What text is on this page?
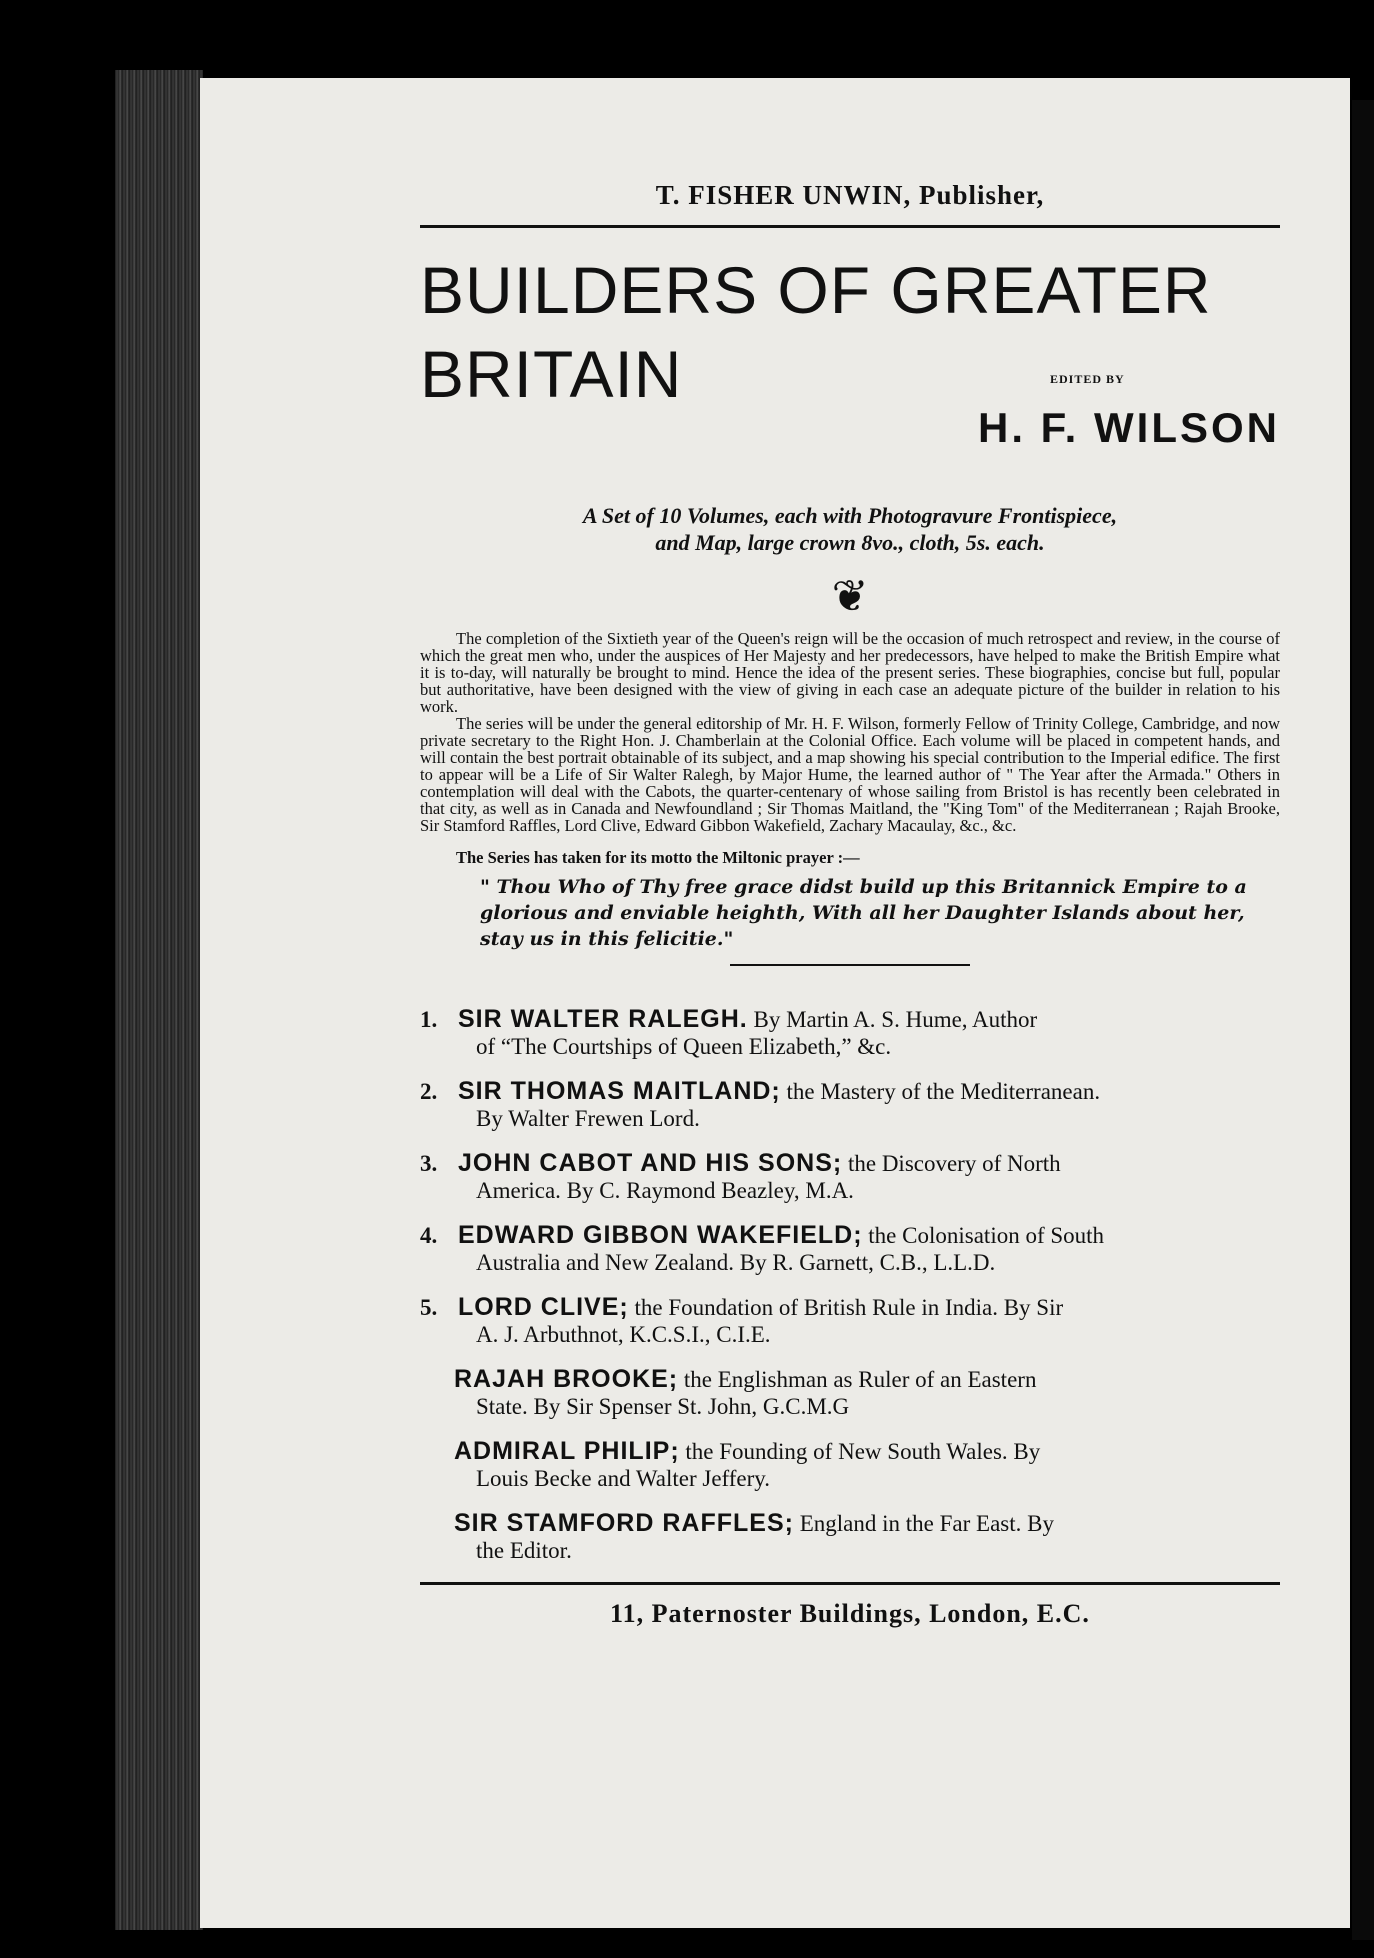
T. FISHER UNWIN, Publisher,
BUILDERS OF GREATER
BRITAIN	EDITED BY
H. F. WILSON
A Set of 10 Volumes, each with Photogravure Frontispiece,
and Map, large crown 8vo., cloth, 5s. each.
❦

The completion of the Sixtieth year of the Queen's reign will be the occasion of much retrospect and review, in the course of which the great men who, under the auspices of Her Majesty and her predecessors, have helped to make the British Empire what it is to-day, will naturally be brought to mind. Hence the idea of the present series. These biographies, concise but full, popular but authoritative, have been designed with the view of giving in each case an adequate picture of the builder in relation to his work.

The series will be under the general editorship of Mr. H. F. Wilson, formerly Fellow of Trinity College, Cambridge, and now private secretary to the Right Hon. J. Chamberlain at the Colonial Office. Each volume will be placed in competent hands, and will contain the best portrait obtainable of its subject, and a map showing his special contribution to the Imperial edifice. The first to appear will be a Life of Sir Walter Ralegh, by Major Hume, the learned author of " The Year after the Armada." Others in contemplation will deal with the Cabots, the quarter-centenary of whose sailing from Bristol is has recently been celebrated in that city, as well as in Canada and Newfoundland ; Sir Thomas Maitland, the "King Tom" of the Mediterranean ; Rajah Brooke, Sir Stamford Raffles, Lord Clive, Edward Gibbon Wakefield, Zachary Macaulay, &c., &c.

The Series has taken for its motto the Miltonic prayer :—
" Thou Who of Thy free grace didst build up this Britannick Empire to a glorious and enviable heighth, With all her Daughter Islands about her, stay us in this felicitie."
1. SIR WALTER RALEGH. By Martin A. S. Hume, Author
of “The Courtships of Queen Elizabeth,” &c.
2. SIR THOMAS MAITLAND; the Mastery of the Mediterranean.
By Walter Frewen Lord.
3. JOHN CABOT AND HIS SONS; the Discovery of North
America. By C. Raymond Beazley, M.A.
4. EDWARD GIBBON WAKEFIELD; the Colonisation of South
Australia and New Zealand. By R. Garnett, C.B., L.L.D.
5. LORD CLIVE; the Foundation of British Rule in India. By Sir
A. J. Arbuthnot, K.C.S.I., C.I.E.
RAJAH BROOKE; the Englishman as Ruler of an Eastern
State. By Sir Spenser St. John, G.C.M.G
ADMIRAL PHILIP; the Founding of New South Wales. By
Louis Becke and Walter Jeffery.
SIR STAMFORD RAFFLES; England in the Far East. By
the Editor.
11, Paternoster Buildings, London, E.C.
